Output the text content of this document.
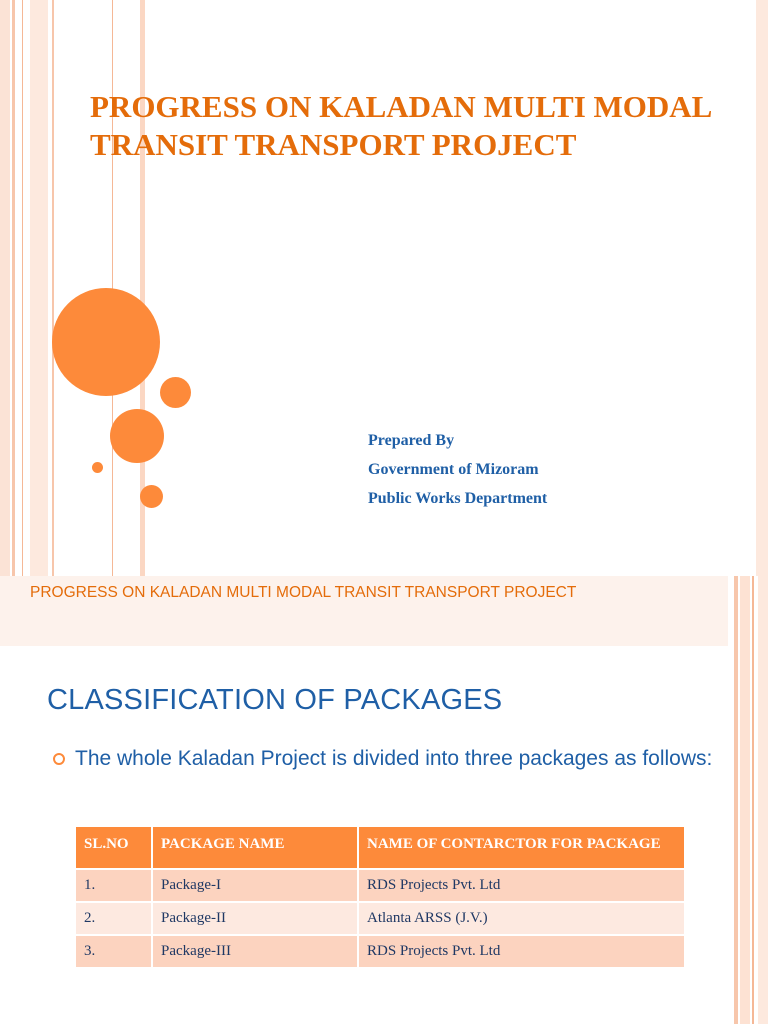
PROGRESS ON KALADAN MULTI MODAL TRANSIT TRANSPORT PROJECT
Prepared By
Government of Mizoram
Public Works Department
PROGRESS ON KALADAN MULTI MODAL TRANSIT TRANSPORT PROJECT
CLASSIFICATION OF PACKAGES
The whole Kaladan Project is divided into three packages as follows:
SL.NO	PACKAGE NAME	NAME OF CONTARCTOR FOR PACKAGE
1.	Package-I	RDS Projects Pvt. Ltd
2.	Package-II	Atlanta ARSS (J.V.)
3.	Package-III	RDS Projects Pvt. Ltd
